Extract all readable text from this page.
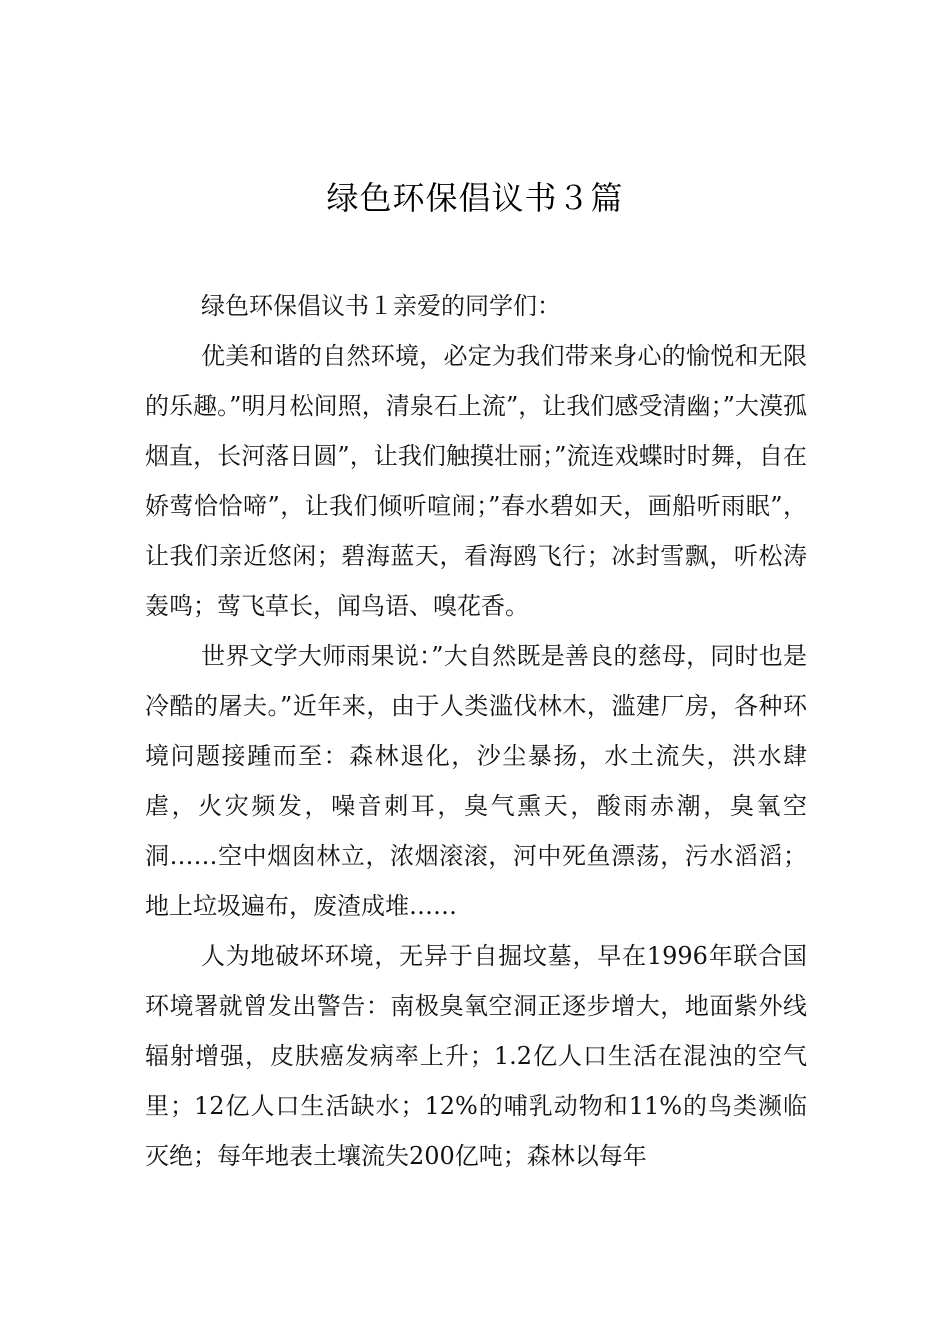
绿色环保倡议书３篇

绿色环保倡议书１亲爱的同学们：

优美和谐的自然环境，必定为我们带来身心的愉悦和无限的乐趣。”明月松间照，清泉石上流”，让我们感受清幽；”大漠孤烟直，长河落日圆”，让我们触摸壮丽；”流连戏蝶时时舞，自在娇莺恰恰啼”，让我们倾听喧闹；”春水碧如天，画船听雨眠”，让我们亲近悠闲；碧海蓝天，看海鸥飞行；冰封雪飘，听松涛轰鸣；莺飞草长，闻鸟语、嗅花香。

世界文学大师雨果说：”大自然既是善良的慈母，同时也是冷酷的屠夫。”近年来，由于人类滥伐林木，滥建厂房，各种环境问题接踵而至：森林退化，沙尘暴扬，水土流失，洪水肆虐，火灾频发，噪音刺耳，臭气熏天，酸雨赤潮，臭氧空洞……空中烟囱林立，浓烟滚滚，河中死鱼漂荡，污水滔滔；地上垃圾遍布，废渣成堆……

人为地破坏环境，无异于自掘坟墓，早在1996年联合国环境署就曾发出警告：南极臭氧空洞正逐步增大，地面紫外线辐射增强，皮肤癌发病率上升；1.2亿人口生活在混浊的空气里；12亿人口生活缺水；12%的哺乳动物和11%的鸟类濒临灭绝；每年地表土壤流失200亿吨；森林以每年
